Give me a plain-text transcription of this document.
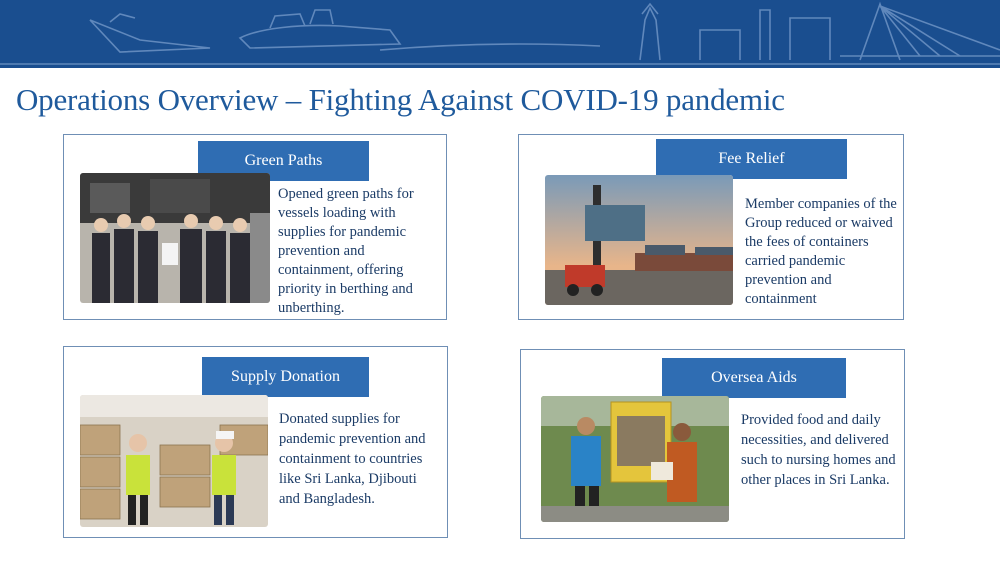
Operations Overview – Fighting Against COVID-19 pandemic
Green Paths
Opened green paths for vessels loading with supplies for pandemic prevention and containment, offering priority in berthing and unberthing.
Fee Relief
Member companies of the Group reduced or waived the fees of containers carried pandemic prevention and containment
Supply Donation
Donated supplies for pandemic prevention and containment to countries like Sri Lanka, Djibouti and Bangladesh.
Oversea Aids
Provided food and daily necessities, and delivered such to nursing homes and other places in Sri Lanka.
